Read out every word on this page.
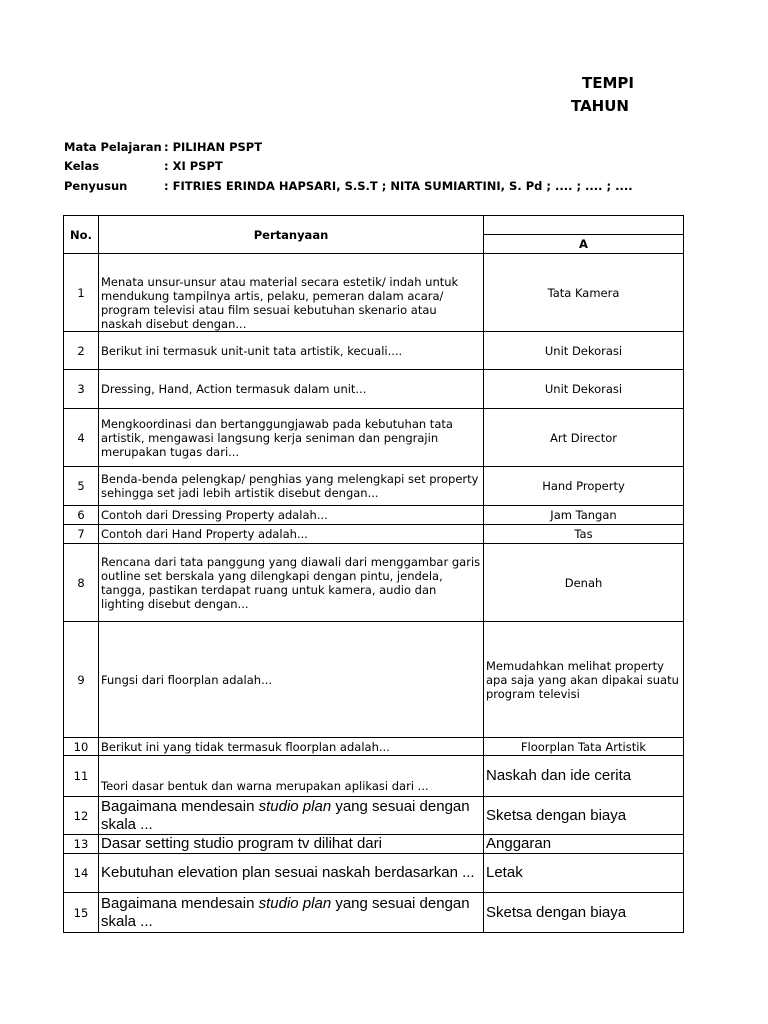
TEMPI
TAHUN
Mata Pelajaran : PILIHAN PSPT
Kelas	: XI PSPT
Penyusun	: FITRIES ERINDA HAPSARI, S.S.T ; NITA SUMIARTINI, S. Pd ; .... ; .... ; ....
No.	Pertanyaan	
		A
1	Menata unsur-unsur atau material secara estetik/ indah untuk mendukung tampilnya artis, pelaku, pemeran dalam acara/ program televisi atau film sesuai kebutuhan skenario atau naskah disebut dengan...	Tata Kamera
2	Berikut ini termasuk unit-unit tata artistik, kecuali....	Unit Dekorasi
3	Dressing, Hand, Action termasuk dalam unit...	Unit Dekorasi
4	Mengkoordinasi dan bertanggungjawab pada kebutuhan tata artistik, mengawasi langsung kerja seniman dan pengrajin merupakan tugas dari...	Art Director
5	Benda-benda pelengkap/ penghias yang melengkapi set property sehingga set jadi lebih artistik disebut dengan...	Hand Property
6	Contoh dari Dressing Property adalah...	Jam Tangan
7	Contoh dari Hand Property adalah...	Tas
8	Rencana dari tata panggung yang diawali dari menggambar garis outline set berskala yang dilengkapi dengan pintu, jendela, tangga, pastikan terdapat ruang untuk kamera, audio dan lighting disebut dengan...	Denah
9	Fungsi dari floorplan adalah...	Memudahkan melihat property apa saja yang akan dipakai suatu program televisi
10	Berikut ini yang tidak termasuk floorplan adalah...	Floorplan Tata Artistik
11	Teori dasar bentuk dan warna merupakan aplikasi dari ...	Naskah dan ide cerita
12	Bagaimana mendesain studio plan yang sesuai dengan skala ...	Sketsa dengan biaya
13	Dasar setting studio program tv dilihat dari	Anggaran
14	Kebutuhan elevation plan sesuai naskah berdasarkan ...	Letak
15	Bagaimana mendesain studio plan yang sesuai dengan skala ...	Sketsa dengan biaya
